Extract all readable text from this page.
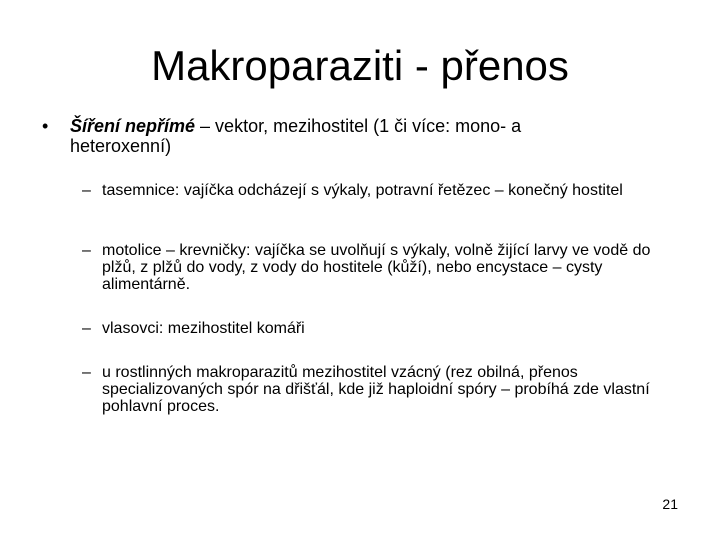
Makroparaziti - přenos
•	Šíření nepřímé – vektor, mezihostitel (1 či více: mono- a heteroxenní)
– tasemnice: vajíčka odcházejí s výkaly, potravní řetězec – konečný hostitel
– motolice – krevničky: vajíčka se uvolňují s výkaly, volně žijící larvy ve vodě do plžů, z plžů do vody, z vody do hostitele (kůží), nebo encystace – cysty alimentárně.
– vlasovci: mezihostitel komáři
– u rostlinných makroparazitů mezihostitel vzácný (rez obilná, přenos specializovaných spór na dřišťál, kde již haploidní spóry – probíhá zde vlastní pohlavní proces.
21
